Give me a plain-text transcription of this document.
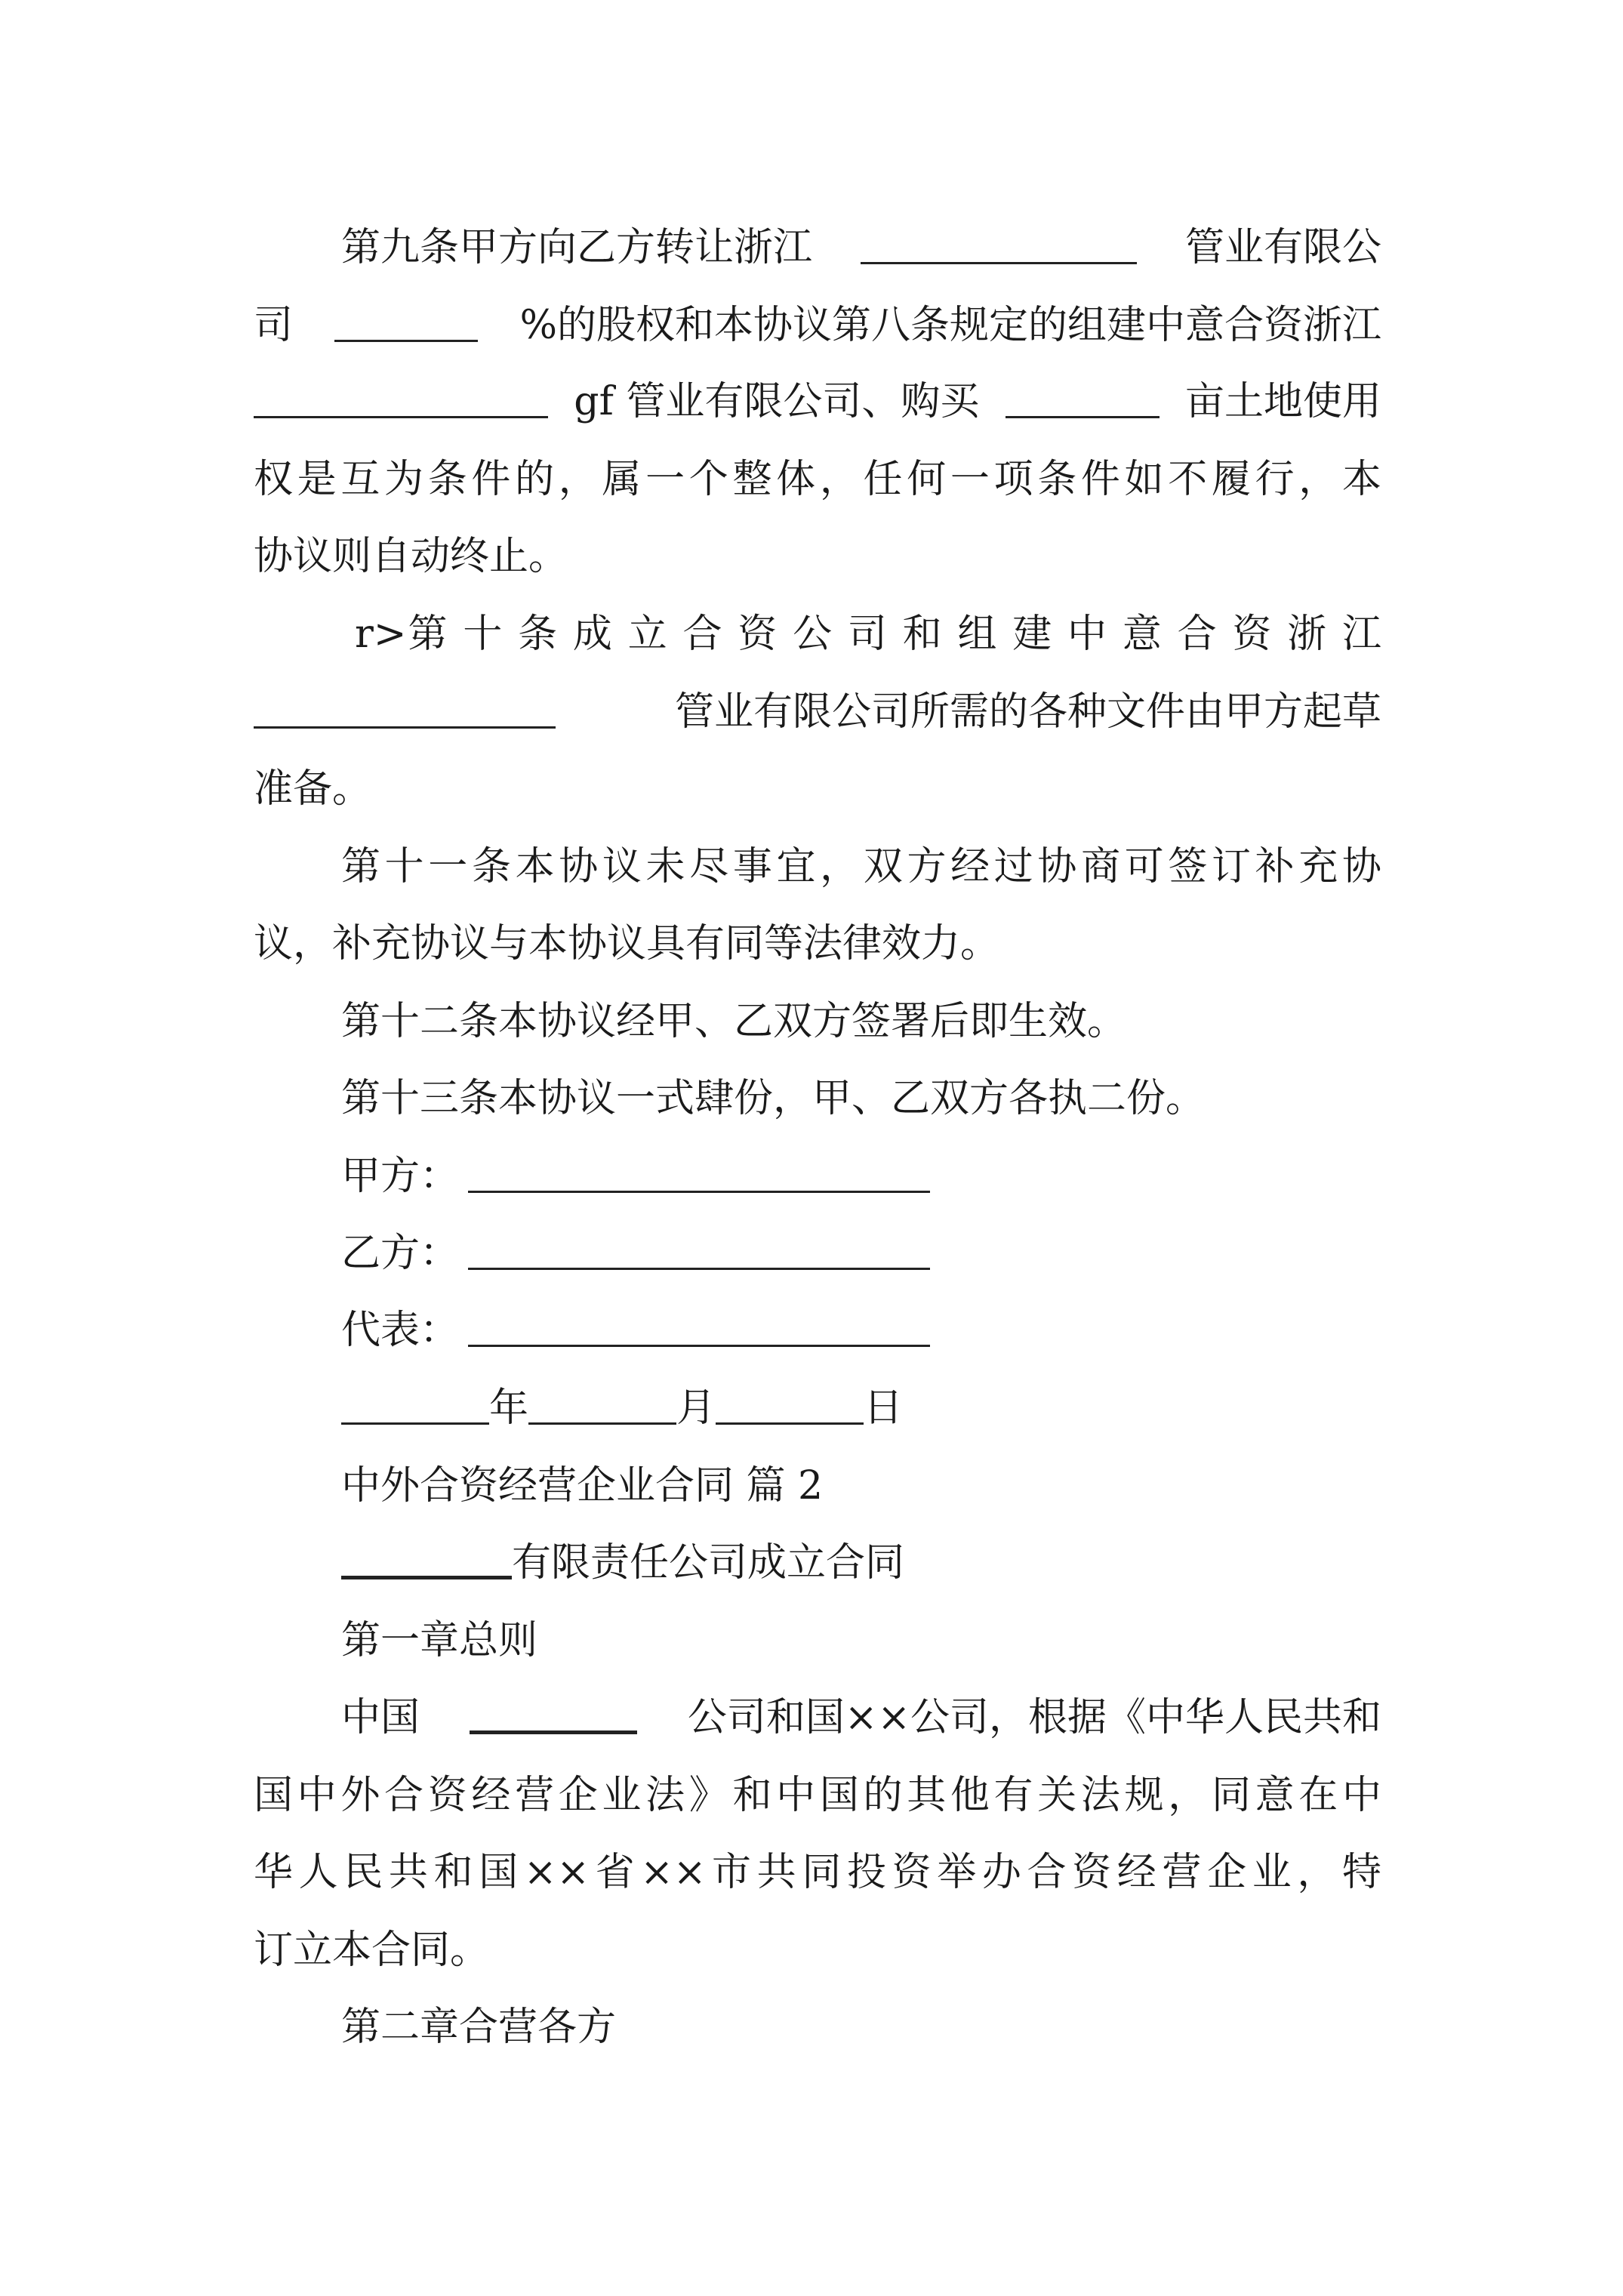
第九条甲方向乙方转让浙江	管业有限公
司	%的股权和本协议第八条规定的组建中意合资浙江
gf 管业有限公司、购买	亩土地使用
权是互为条件的，属一个整体，任何一项条件如不履行，本
协议则自动终止。
r>第 十 条 成 立 合 资 公 司 和 组 建 中 意 合 资 浙 江
管业有限公司所需的各种文件由甲方起草
准备。
第十一条本协议未尽事宜，双方经过协商可签订补充协
议，补充协议与本协议具有同等法律效力。
第十二条本协议经甲、乙双方签署后即生效。
第十三条本协议一式肆份，甲、乙双方各执二份。
甲方：
乙方：
代表：
年	月	日
中外合资经营企业合同 篇 2
有限责任公司成立合同
第一章总则
中国	公司和国××公司，根据《中华人民共和
国中外合资经营企业法》和中国的其他有关法规，同意在中
华人民共和国××省××市共同投资举办合资经营企业，特
订立本合同。
第二章合营各方
